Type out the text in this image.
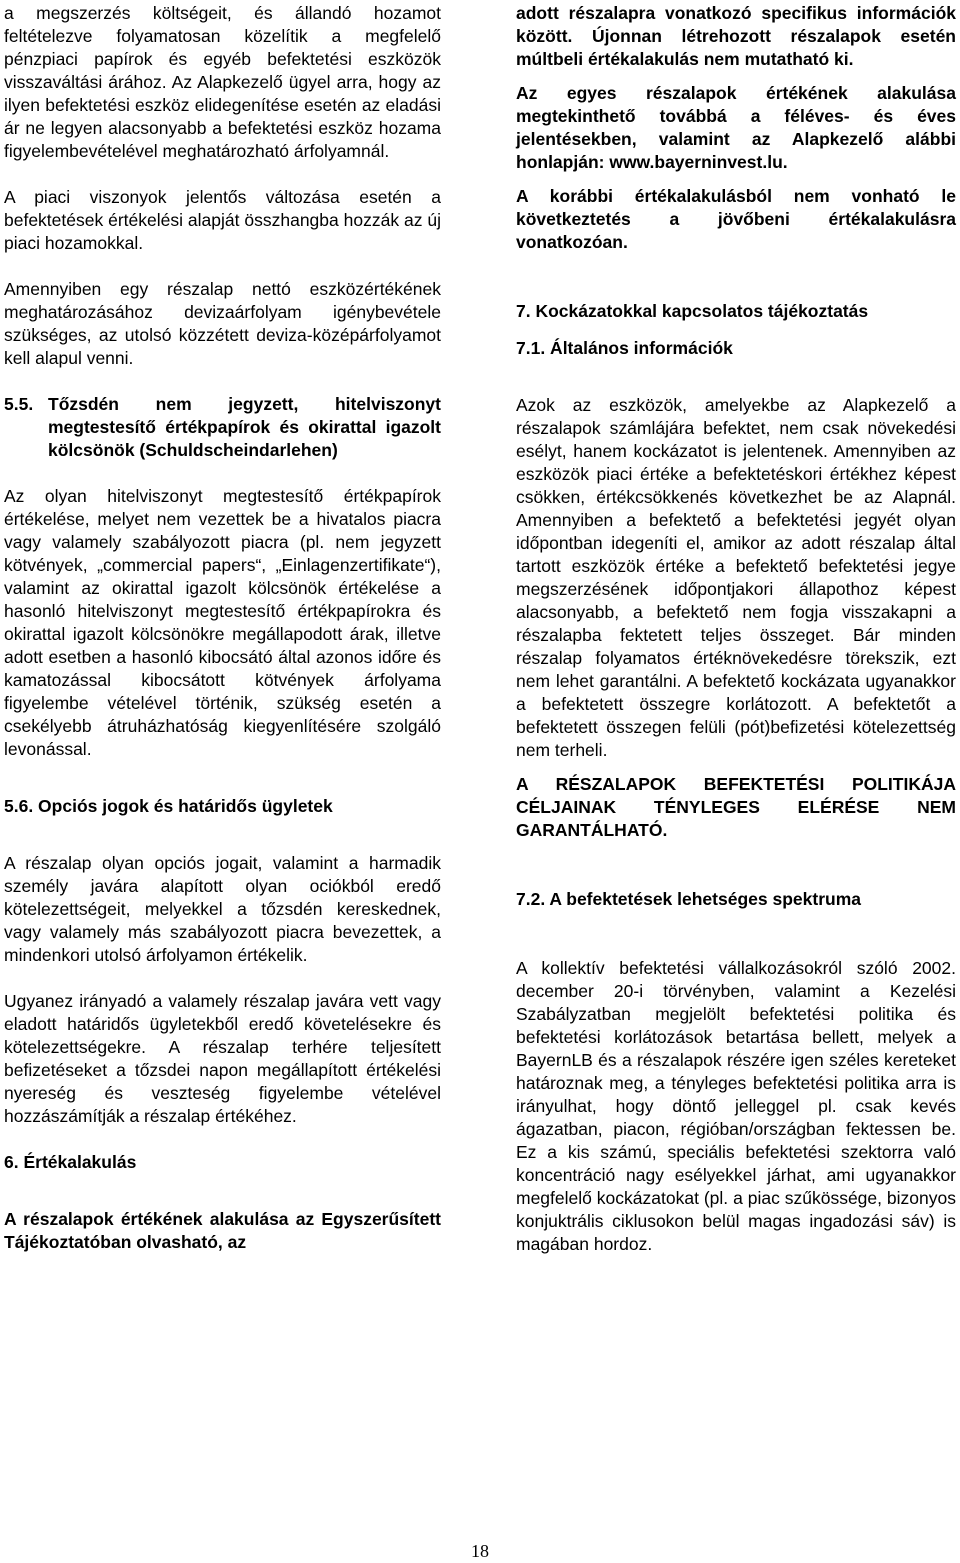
a megszerzés költségeit, és állandó hozamot feltételezve folyamatosan közelítik a megfelelő pénzpiaci papírok és egyéb befektetési eszközök visszaváltási árához. Az Alapkezelő ügyel arra, hogy az ilyen befektetési eszköz elidegenítése esetén az eladási ár ne legyen alacsonyabb a befektetési eszköz hozama figyelembevételével meghatározható árfolyamnál.

A piaci viszonyok jelentős változása esetén a befektetések értékelési alapját összhangba hozzák az új piaci hozamokkal.

Amennyiben egy részalap nettó eszközértékének meghatározásához devizaárfolyam igénybevétele szükséges, az utolsó közzétett deviza-középárfolyamot kell alapul venni.

5.5. Tőzsdén nem jegyzett, hitelviszonyt megtestesítő értékpapírok és okirattal igazolt kölcsönök (Schuldscheindarlehen)

Az olyan hitelviszonyt megtestesítő értékpapírok értékelése, melyet nem vezettek be a hivatalos piacra vagy valamely szabályozott piacra (pl. nem jegyzett kötvények, „commercial papers“, „Einlagenzertifikate“), valamint az okirattal igazolt kölcsönök értékelése a hasonló hitelviszonyt megtestesítő értékpapírokra és okirattal igazolt kölcsönökre megállapodott árak, illetve adott esetben a hasonló kibocsátó által azonos időre és kamatozással kibocsátott kötvények árfolyama figyelembe vételével történik, szükség esetén a csekélyebb átruházhatóság kiegyenlítésére szolgáló levonással.

5.6. Opciós jogok és határidős ügyletek

A részalap olyan opciós jogait, valamint a harmadik személy javára alapított olyan ociókból eredő kötelezettségeit, melyekkel a tőzsdén kereskednek, vagy valamely más szabályozott piacra bevezettek, a mindenkori utolsó árfolyamon értékelik.

Ugyanez irányadó a valamely részalap javára vett vagy eladott határidős ügyletekből eredő követelésekre és kötelezettségekre. A részalap terhére teljesített befizetéseket a tőzsdei napon megállapított értékelési nyereség és veszteség figyelembe vételével hozzászámítják a részalap értékéhez.

6. Értékalakulás

A részalapok értékének alakulása az Egyszerűsített Tájékoztatóban olvasható, az

adott részalapra vonatkozó specifikus információk között. Újonnan létrehozott részalapok esetén múltbeli értékalakulás nem mutatható ki.

Az egyes részalapok értékének alakulása megtekinthető továbbá a féléves- és éves jelentésekben, valamint az Alapkezelő alábbi honlapján: www.bayerninvest.lu.

A korábbi értékalakulásból nem vonható le következtetés a jövőbeni értékalakulásra vonatkozóan.

7. Kockázatokkal kapcsolatos tájékoztatás
7.1. Általános információk

Azok az eszközök, amelyekbe az Alapkezelő a részalapok számlájára befektet, nem csak növekedési esélyt, hanem kockázatot is jelentenek. Amennyiben az eszközök piaci értéke a befektetéskori értékhez képest csökken, értékcsökkenés következhet be az Alapnál. Amennyiben a befektető a befektetési jegyét olyan időpontban idegeníti el, amikor az adott részalap által tartott eszközök értéke a befektető befektetési jegye megszerzésének időpontjakori állapothoz képest alacsonyabb, a befektető nem fogja visszakapni a részalapba fektetett teljes összeget. Bár minden részalap folyamatos értéknövekedésre törekszik, ezt nem lehet garantálni. A befektető kockázata ugyanakkor a befektetett összegre korlátozott. A befektetőt a befektetett összegen felüli (pót)befizetési kötelezettség nem terheli.

A RÉSZALAPOK BEFEKTETÉSI POLITIKÁJA CÉLJAINAK TÉNYLEGES ELÉRÉSE NEM GARANTÁLHATÓ.

7.2. A befektetések lehetséges spektruma

A kollektív befektetési vállalkozásokról szóló 2002. december 20-i törvényben, valamint a Kezelési Szabályzatban megjelölt befektetési politika és befektetési korlátozások betartása bellett, melyek a BayernLB és a részalapok részére igen széles kereteket határoznak meg, a tényleges befektetési politika arra is irányulhat, hogy döntő jelleggel pl. csak kevés ágazatban, piacon, régióban/országban fektessen be. Ez a kis számú, speciális befektetési szektorra való koncentráció nagy esélyekkel járhat, ami ugyanakkor megfelelő kockázatokat (pl. a piac szűkössége, bizonyos konjuktrális ciklusokon belül magas ingadozási sáv) is magában hordoz.

18
